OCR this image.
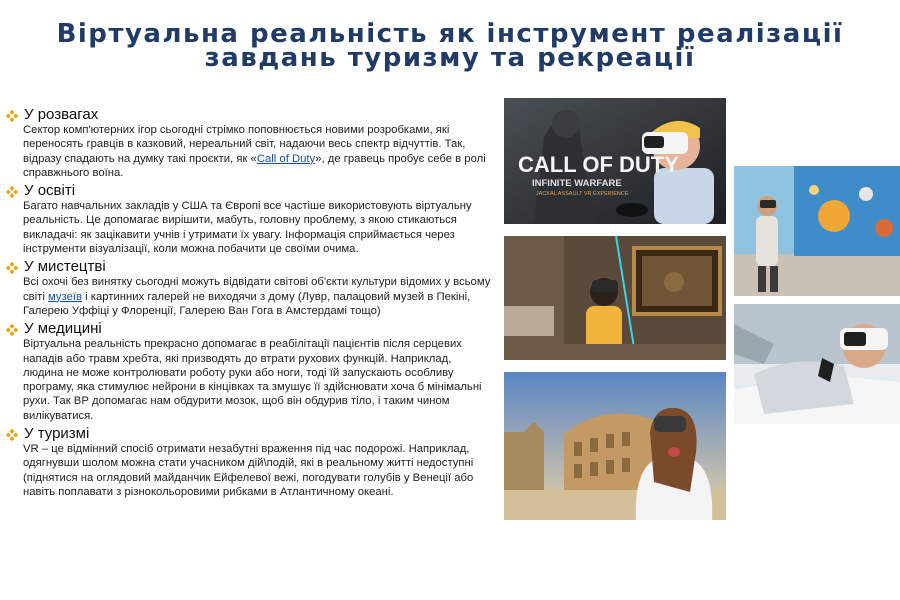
Віртуальна реальність як інструмент реалізації
завдань туризму та рекреації
У розвагах
Сектор комп'ютерних ігор сьогодні стрімко поповнюється новими розробками, які переносять гравців в казковий, нереальний світ, надаючи весь спектр відчуттів. Так, відразу спадають на думку такі проєкти, як «Call of Duty», де гравець пробує себе в ролі справжнього воїна.
У освіті
Багато навчальних закладів у США та Європі все частіше використовують віртуальну реальність. Це допомагає вирішити, мабуть, головну проблему, з якою стикаються викладачі: як зацікавити учнів і утримати їх увагу. Інформація сприймається через інструменти візуалізації, коли можна побачити це своїми очима.
У мистецтві
Всі охочі без винятку сьогодні можуть відвідати світові об'єкти культури відомих у всьому світі музеїв і картинних галерей не виходячи з дому (Лувр, палацовий музей в Пекіні, Галерею Уффіці у Флоренції, Галерею Ван Гога в Амстердамі тощо)
У медицині
Віртуальна реальність прекрасно допомагає в реабілітації пацієнтів після серцевих нападів або травм хребта, які призводять до втрати рухових функцій. Наприклад, людина не може контролювати роботу руки або ноги, тоді їй запускають особливу програму, яка стимулює нейрони в кінцівках та змушує її здійснювати хоча б мінімальні рухи. Так ВР допомагає нам обдурити мозок, щоб він обдурив тіло, і таким чином вилікуватися.
У туризмі
VR – це відмінний спосіб отримати незабутні враження під час подорожі. Наприклад, одягнувши шолом можна стати учасником дій\подій, які в реальному житті недоступні (піднятися на оглядовий майданчик Ейфелевої вежі, погодувати голубів у Венеції або навіть поплавати з різнокольоровими рибками в Атлантичному океані.
CALL OF DUTY
INFINITE WARFARE
JACKAL ASSAULT VR EXPERIENCE
